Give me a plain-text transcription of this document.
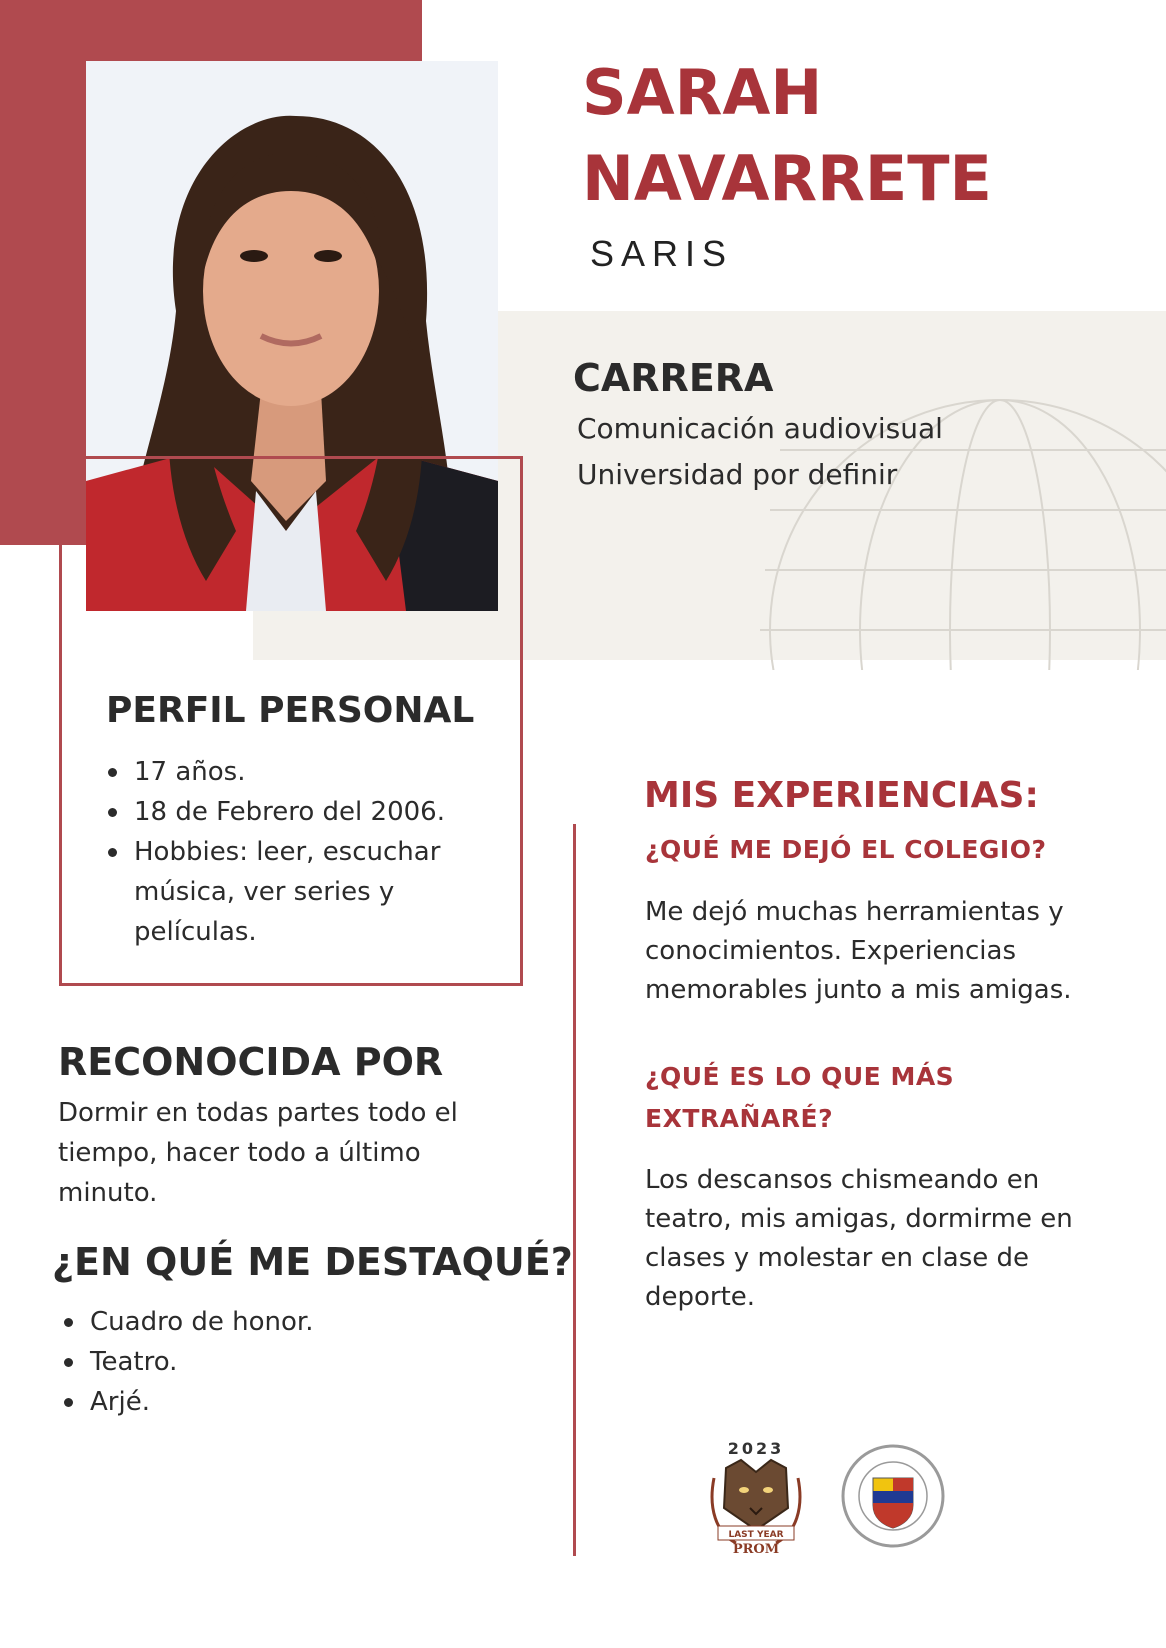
SARAH
NAVARRETE

SARIS

CARRERA

Comunicación audiovisual

Universidad por definir

PERFIL PERSONAL
17 años.
18 de Febrero del 2006.
Hobbies: leer, escuchar música, ver series y películas.
RECONOCIDA POR

Dormir en todas partes todo el tiempo, hacer todo a último minuto.

¿EN QUÉ ME DESTAQUÉ?
Cuadro de honor.
Teatro.
Arjé.
MIS EXPERIENCIAS:

¿QUÉ ME DEJÓ EL COLEGIO?

Me dejó muchas herramientas y conocimientos. Experiencias memorables junto a mis amigas.

¿QUÉ ES LO QUE MÁS EXTRAÑARÉ?

Los descansos chismeando en teatro, mis amigas, dormirme en clases y molestar en clase de deporte.

2023
LAST YEAR
PROM
